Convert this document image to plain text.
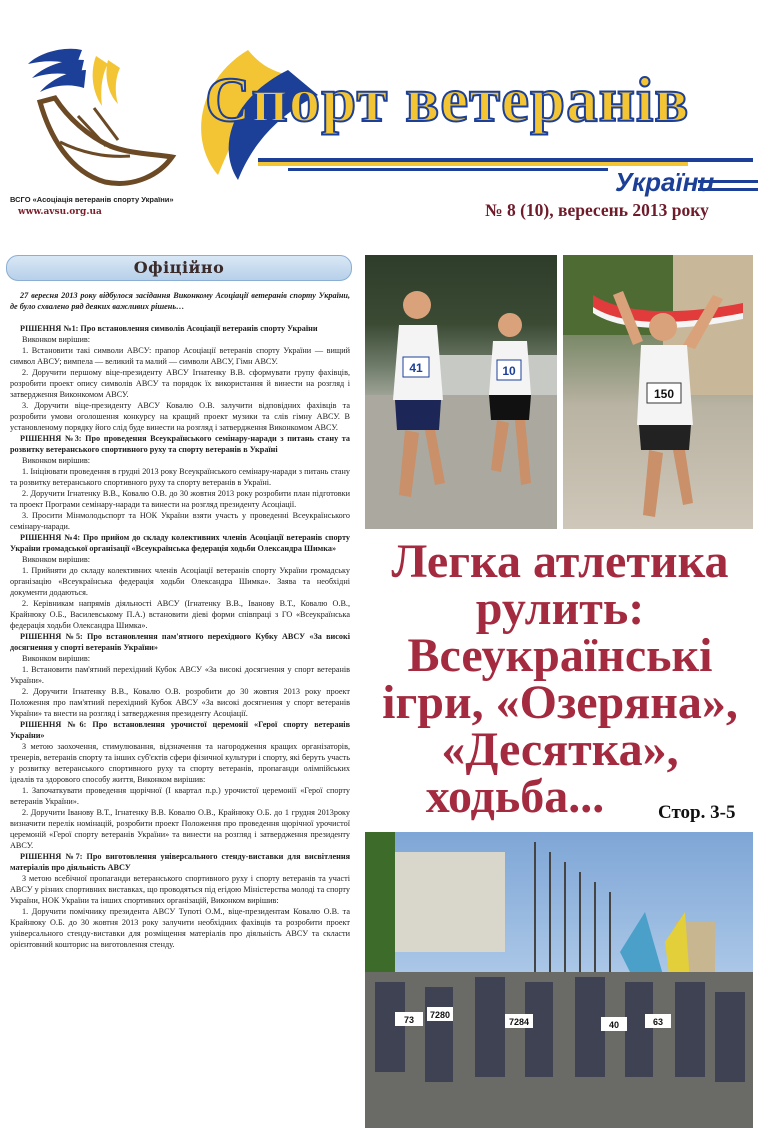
ВСГО «Асоціація ветеранів спорту України»
www.avsu.org.ua
Спорт ветеранів
України
№ 8 (10), вересень 2013 року
Офіційно

27 вересня 2013 року відбулося засідання Виконкому Асоціації ветеранів спорту України, де було схвалено ряд деяких важливих рішень…

РІШЕННЯ №1: Про встановлення символів Асоціації ветеранів спорту України

Виконком вирішив:

1. Встановити такі символи АВСУ: прапор Асоціації ветеранів спорту України — вищий символ АВСУ; вимпела — великий та малий — символи АВСУ, Гімн АВСУ.

2. Доручити першому віце-президенту АВСУ Ігнатенку В.В. сформувати групу фахівців, розробити проект опису символів АВСУ та порядок їх використання й винести на розгляд і затвердження Виконкомом АВСУ.

3. Доручити віце-президенту АВСУ Ковалю О.В. залучити відповідних фахівців та розробити умови оголошення конкурсу на кращий проект музики та слів гімну АВСУ. В установленому порядку його слід буде винести на розгляд і затвердження Виконкомом АВСУ.

РІШЕННЯ №3: Про проведення Всеукраїнського семінару-наради з питань стану та розвитку ветеранського спортивного руху та спорту ветеранів в Україні

Виконком вирішив:

1. Ініціювати проведення в грудні 2013 року Всеукраїнського семінару-наради з питань стану та розвитку ветеранського спортивного руху та спорту ветеранів в Україні.

2. Доручити Ігнатенку В.В., Ковалю О.В. до 30 жовтня 2013 року розробити план підготовки та проект Програми семінару-наради та винести на розгляд президенту Асоціації.

3. Просити Мінмолодьспорт та НОК України взяти участь у проведенні Всеукраїнського семінару-наради.

РІШЕННЯ №4: Про прийом до складу колективних членів Асоціації ветеранів спорту України громадської організації «Всеукраїнська федерація ходьби Олександра Шимка»

Виконком вирішив:

1. Прийняти до складу колективних членів Асоціації ветеранів спорту України громадську організацію «Всеукраїнська федерація ходьби Олександра Шимка». Заява та необхідні документи додаються.

2. Керівникам напрямів діяльності АВСУ (Ігнатенку В.В., Іванову В.Т., Ковалю О.В., Крайнюку О.Б., Василевському П.А.) встановити діеві форми співпраці з ГО «Всеукраїнська федерація ходьби Олександра Шимка».

РІШЕННЯ №5: Про встановлення пам'ятного перехідного Кубку АВСУ «За високі досягнення у спорті ветеранів України»

Виконком вирішив:

1. Встановити пам'ятний перехідний Кубок АВСУ «За високі досягнення у спорт ветеранів України».

2. Доручити Ігнатенку В.В., Ковалю О.В. розробити до 30 жовтня 2013 року проект Положення про пам'ятний перехідний Кубок АВСУ «За високі досягнення у спорт ветеранів України» та внести на розгляд і затвердження президенту Асоціації.

РІШЕННЯ №6: Про встановлення урочистої церемонії «Герої спорту ветеранів України»

З метою заохочення, стимулювання, відзначення та нагородження кращих організаторів, тренерів, ветеранів спорту та інших суб'єктів сфери фізичної культури і спорту, які беруть участь у розвитку ветеранського спортивного руху та спорту ветеранів, пропаганди олімпійських ідеалів та здорового способу життя, Виконком вирішив:

1. Започаткувати проведення щорічної (І квартал п.р.) урочистої церемонії «Герої спорту ветеранів України».

2. Доручити Іванову В.Т., Ігнатенку В.В. Ковалю О.В., Крайнюку О.Б. до 1 грудня 2013року визначити перелік номінацій, розробити проект Положення про проведення щорічної урочистої церемоній «Герої спорту ветеранів України» та винести на розгляд і затвердження президенту АВСУ.

РІШЕННЯ №7: Про виготовлення універсального стенду-виставки для висвітлення матеріалів про діяльність АВСУ

З метою всебічної пропаганди ветеранського спортивного руху і спорту ветеранів та участі АВСУ у різних спортивних виставках, що проводяться під егідою Міністерства молоді та спорту України, НОК України та інших спортивних організацій, Виконком вирішив:

1. Доручити помічнику президента АВСУ Тупоті О.М., віце-президентам Ковалю О.В. та Крайнюку О.Б. до 30 жовтня 2013 року залучити необхідних фахівців та розробити проект універсального стенду-виставки для розміщення матеріалів про діяльність АВСУ та скласти орієнтовний кошторис на виготовлення стенду.

41	10
150
73 7280
7284	40	63
Легка атлетика
рулить:
Всеукраїнські
ігри, «Озеряна»,
«Десятка»,
ходьба...	Стор. 3-5
